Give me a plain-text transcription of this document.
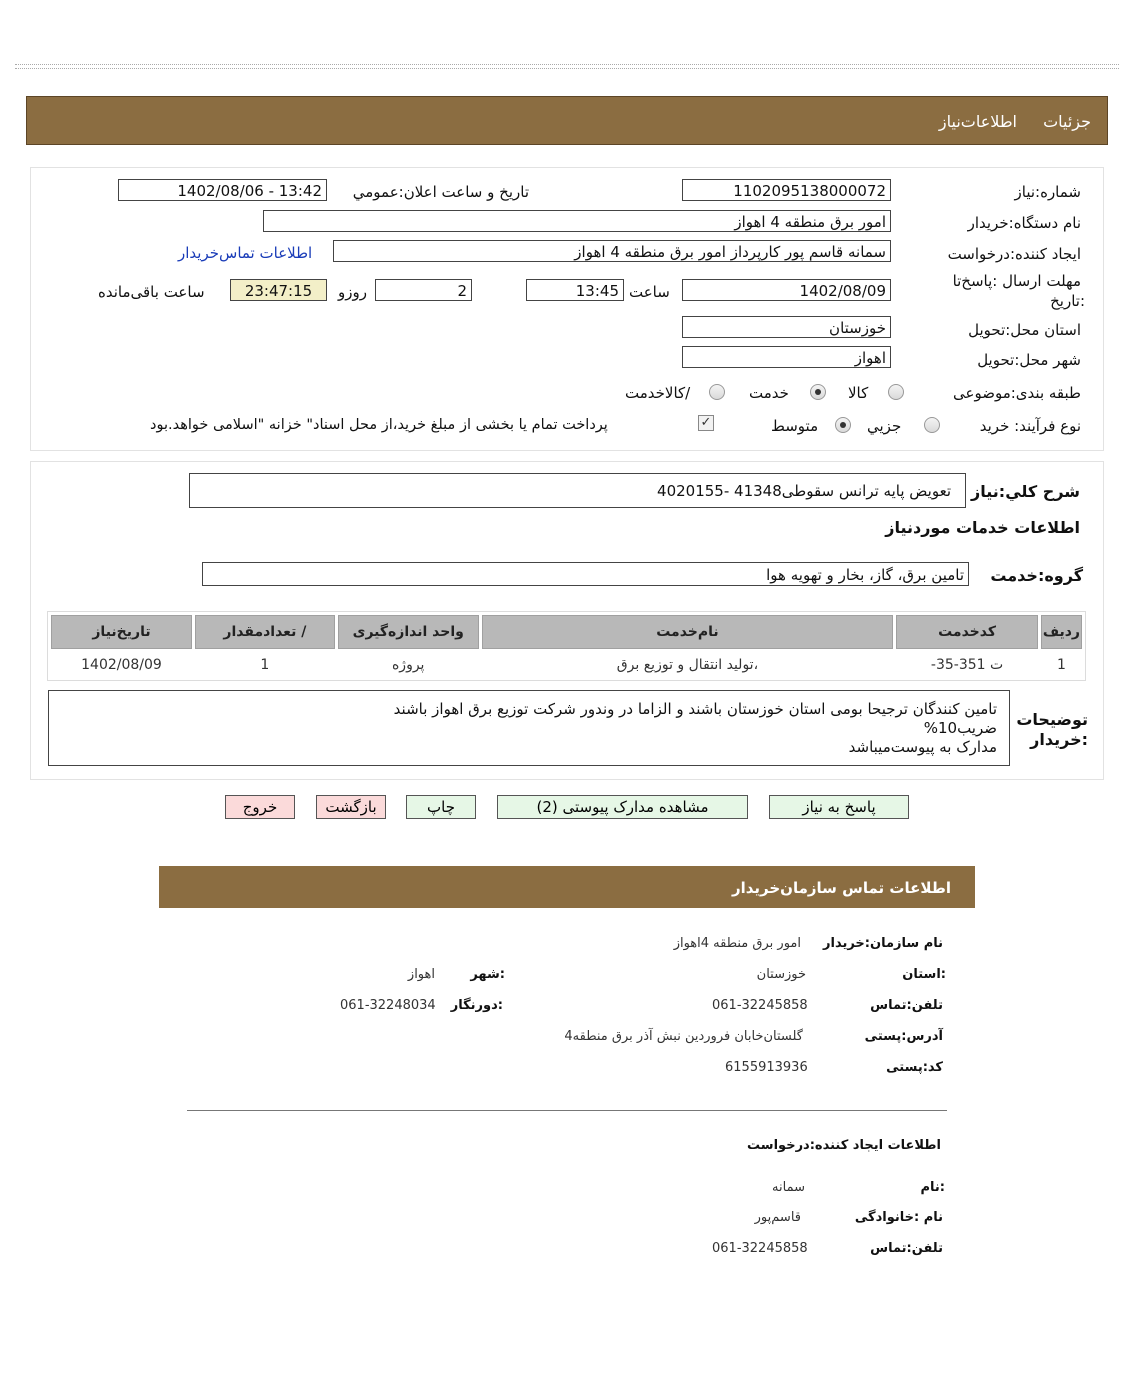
جزئیات
اطلاعات‌نیاز
شماره‌:نیاز
1102095138000072
تاریخ و ساعت اعلان:عمومي
1402/08/06 - 13:42
نام دستگاه:خریدار
امور برق منطقه 4 اهواز
ایجاد کننده:درخواست
سمانه قاسم پور کارپرداز امور برق منطقه 4 اهواز
اطلاعات تماس‌خریدار
مهلت ارسال :پاسخ‌تا
:تاریخ
1402/08/09
ساعت
13:45
2
روزو
23:47:15
ساعت باقی‌مانده
استان محل:تحویل
خوزستان
شهر محل:تحویل
اهواز
طبقه بندی:موضوعی
کالا
خدمت
/کالاخدمت
نوع فرآیند: خرید
جزیي
متوسط
✓
پرداخت تمام یا بخشی از مبلغ خرید،از محل اسناد" خزانه "اسلامی خواهد.بود
شرح کلي:نیاز
تعویض پایه ترانس سقوطی41348 -4020155
اطلاعات خدمات موردنیاز
گروه:خدمت
تامین برق، گاز، بخار و تهویه هوا
ردیف	کدخدمت	نام‌خدمت	واحد اندازه‌گیری	/ تعدادمقدار	تاریخ‌نیاز
1	ت 351-35-	،تولید انتقال و توزیع برق	پروژه	1	1402/08/09
توضیحات
:خریدار
تامین کنندگان ترجیحا بومی استان خوزستان باشند و الزاما در وندور شرکت توزیع برق اهواز باشند
ضریب10%
مدارک به پیوست‌میباشد
پاسخ به نیاز
مشاهده مدارک پیوستی (2)
چاپ
بازگشت
خروج
اطلاعات تماس سازمان‌خریدار
نام سازمان:خریدار
امور برق منطقه 4اهواز
:استان
خوزستان
:شهر
اهواز
تلفن:تماس
061-32245858
:دورنگار
061-32248034
آدرس:پستی
گلستان‌خابان فروردین نبش آذر برق منطقه4
کد:پستی
6155913936
اطلاعات ایجاد کننده:درخواست
:نام
سمانه
نام :خانوادگی
قاسم‌پور
تلفن:تماس
061-32245858
